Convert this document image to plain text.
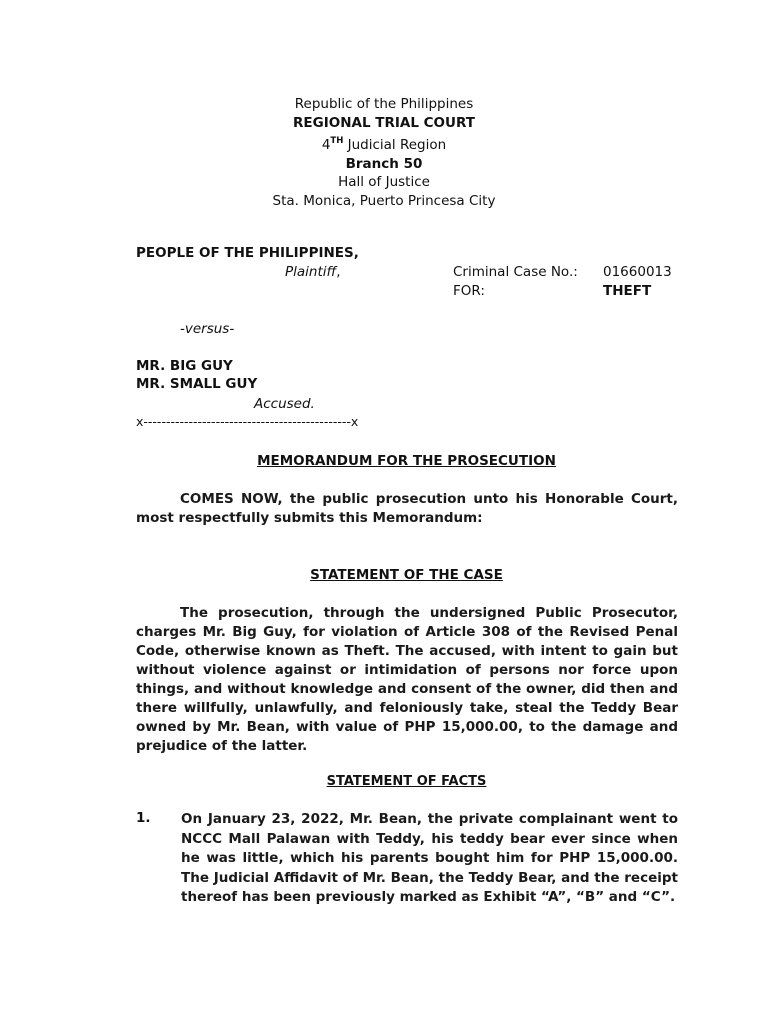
Republic of the Philippines
REGIONAL TRIAL COURT
4TH Judicial Region
Branch 50
Hall of Justice
Sta. Monica, Puerto Princesa City
PEOPLE OF THE PHILIPPINES,
Plaintiff,	Criminal Case No.: 01660013
FOR:	THEFT
-versus-
MR. BIG GUY
MR. SMALL GUY
Accused.
x----------------------------------------------x
MEMORANDUM FOR THE PROSECUTION
COMES NOW, the public prosecution unto his Honorable Court, most respectfully submits this Memorandum:
STATEMENT OF THE CASE
The prosecution, through the undersigned Public Prosecutor, charges Mr. Big Guy, for violation of Article 308 of the Revised Penal Code, otherwise known as Theft. The accused, with intent to gain but without violence against or intimidation of persons nor force upon things, and without knowledge and consent of the owner, did then and there willfully, unlawfully, and feloniously take, steal the Teddy Bear owned by Mr. Bean, with value of PHP 15,000.00, to the damage and prejudice of the latter.
STATEMENT OF FACTS
1. On January 23, 2022, Mr. Bean, the private complainant went to NCCC Mall Palawan with Teddy, his teddy bear ever since when he was little, which his parents bought him for PHP 15,000.00. The Judicial Affidavit of Mr. Bean, the Teddy Bear, and the receipt thereof has been previously marked as Exhibit “A”, “B” and “C”.
